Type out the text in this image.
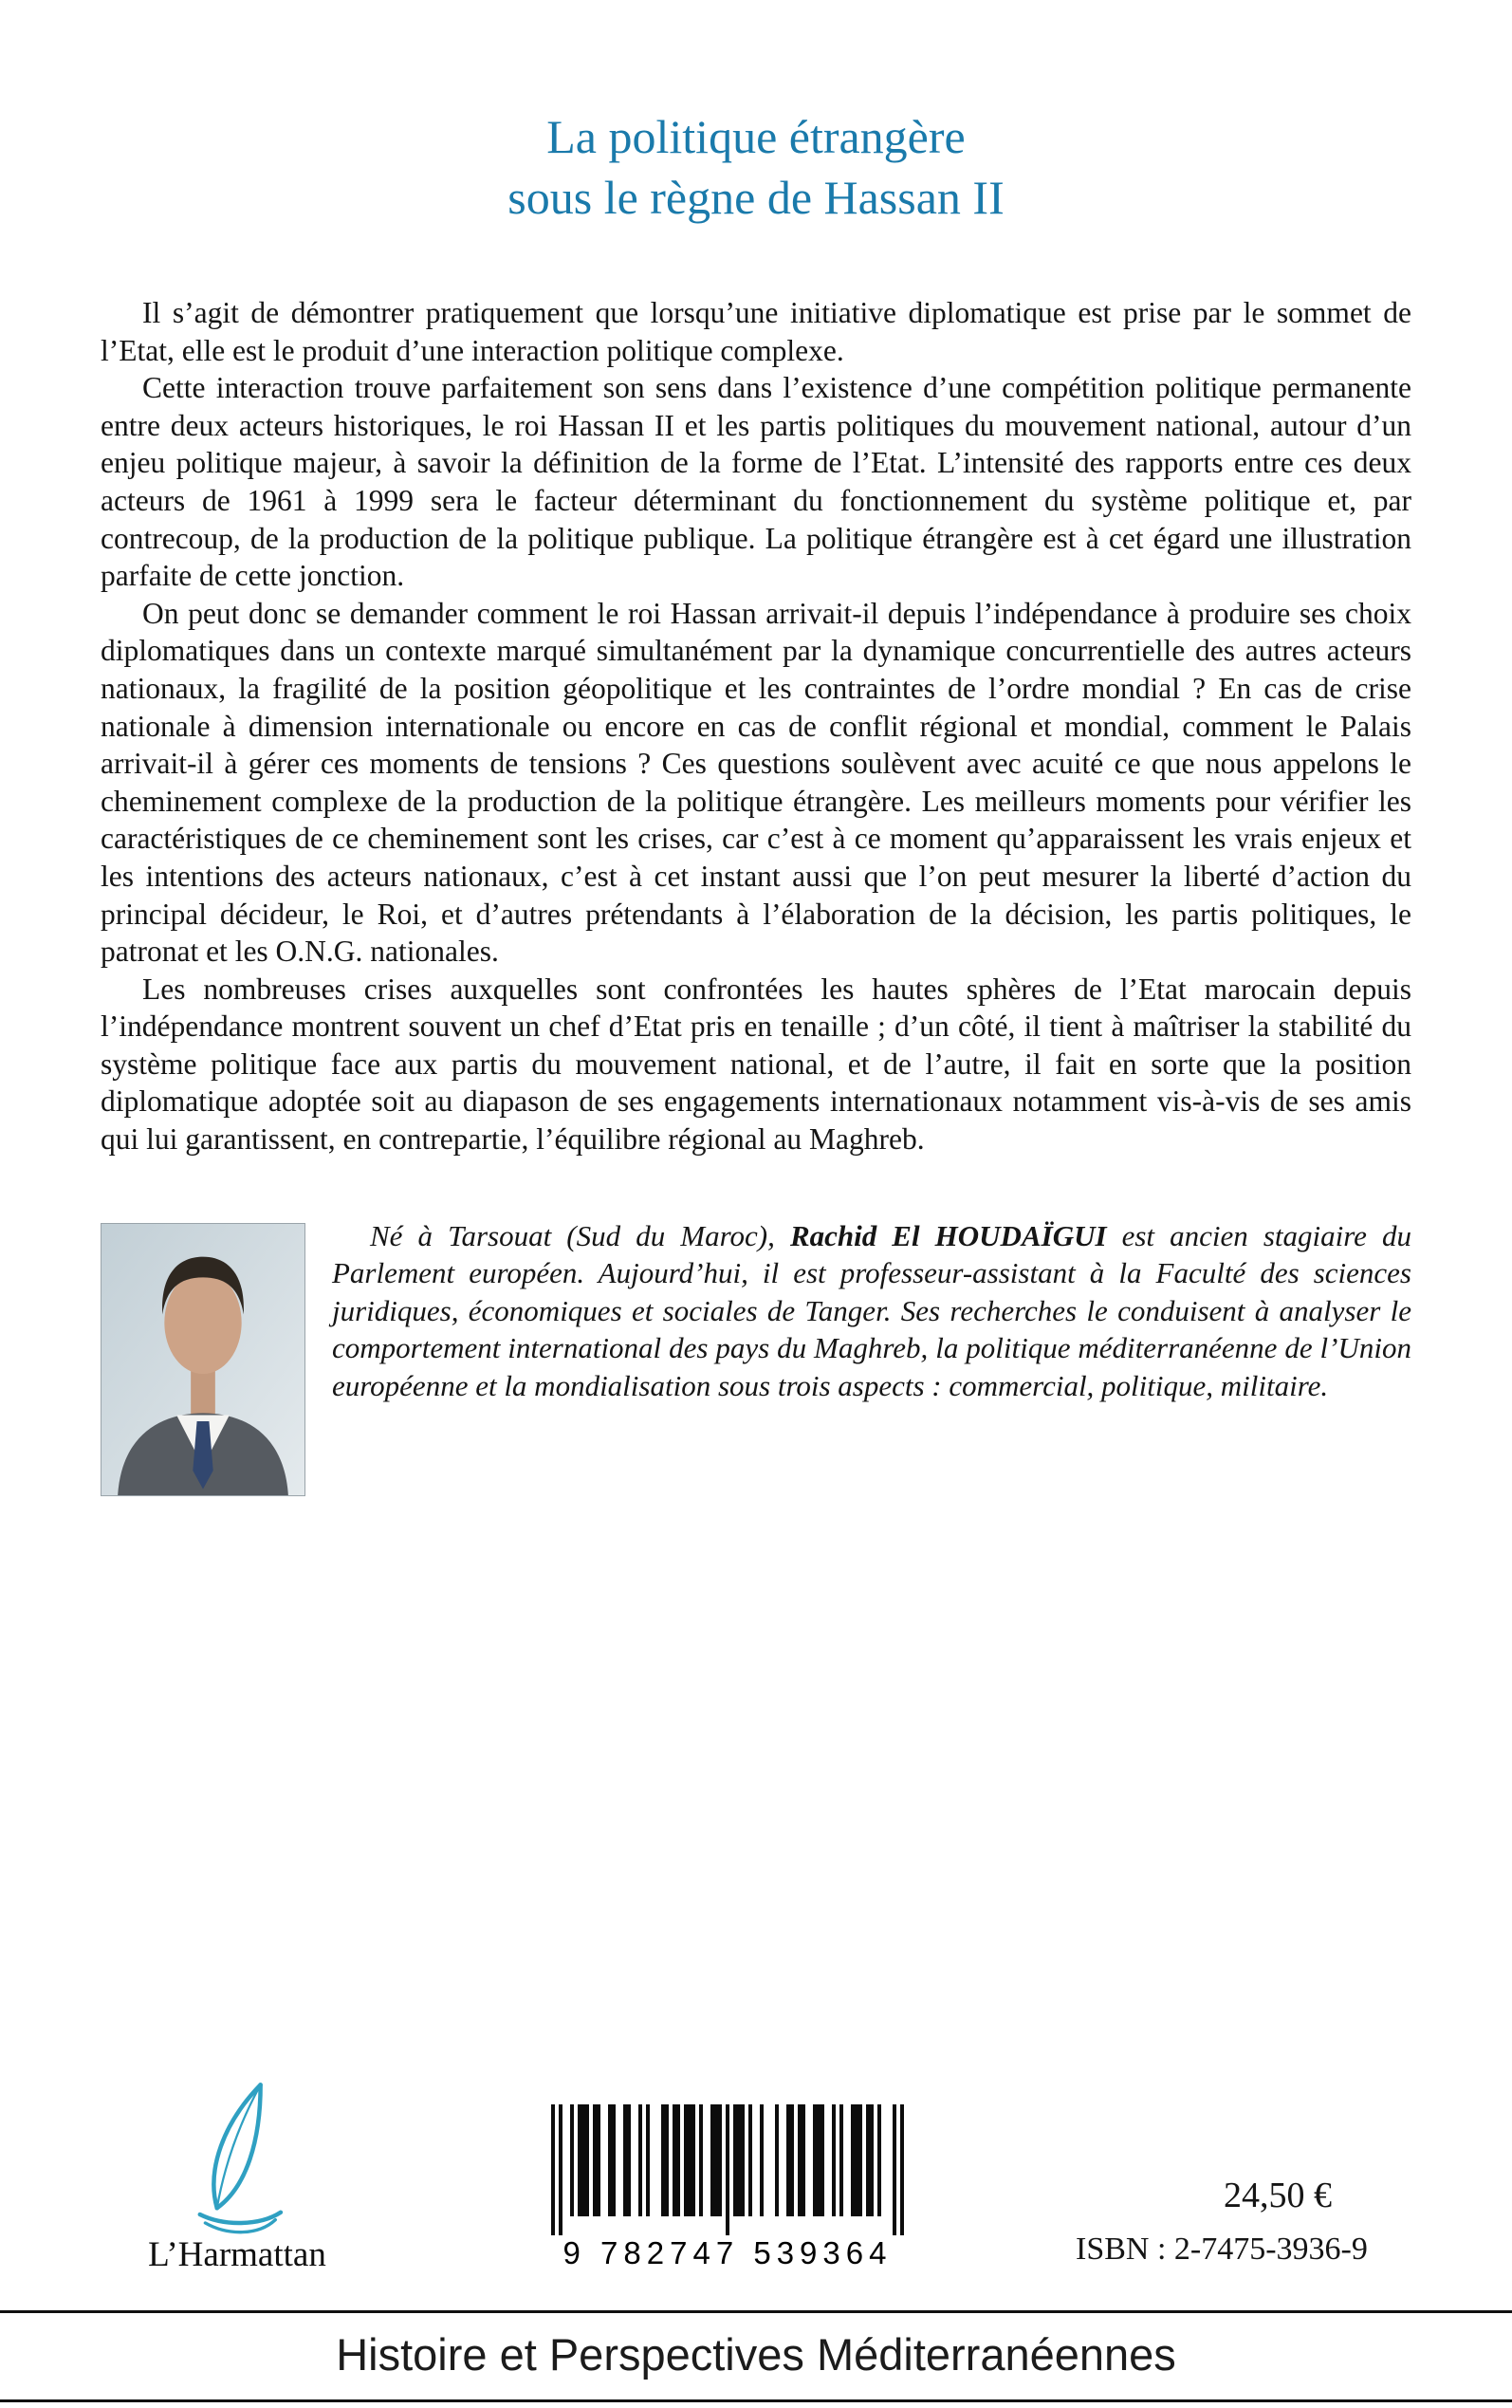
La politique étrangère
sous le règne de Hassan II

Il s’agit de démontrer pratiquement que lorsqu’une initiative diplomatique est prise par le sommet de l’Etat, elle est le produit d’une interaction politique complexe.

Cette interaction trouve parfaitement son sens dans l’existence d’une compétition politique permanente entre deux acteurs historiques, le roi Hassan II et les partis politiques du mouvement national, autour d’un enjeu politique majeur, à savoir la définition de la forme de l’Etat. L’intensité des rapports entre ces deux acteurs de 1961 à 1999 sera le facteur déterminant du fonctionnement du système politique et, par contrecoup, de la production de la politique publique. La politique étrangère est à cet égard une illustration parfaite de cette jonction.

On peut donc se demander comment le roi Hassan arrivait-il depuis l’indépendance à produire ses choix diplomatiques dans un contexte marqué simultanément par la dynamique concurrentielle des autres acteurs nationaux, la fragilité de la position géopolitique et les contraintes de l’ordre mondial ? En cas de crise nationale à dimension internationale ou encore en cas de conflit régional et mondial, comment le Palais arrivait-il à gérer ces moments de tensions ? Ces questions soulèvent avec acuité ce que nous appelons le cheminement complexe de la production de la politique étrangère. Les meilleurs moments pour vérifier les caractéristiques de ce cheminement sont les crises, car c’est à ce moment qu’apparaissent les vrais enjeux et les intentions des acteurs nationaux, c’est à cet instant aussi que l’on peut mesurer la liberté d’action du principal décideur, le Roi, et d’autres prétendants à l’élaboration de la décision, les partis politiques, le patronat et les O.N.G. nationales.

Les nombreuses crises auxquelles sont confrontées les hautes sphères de l’Etat marocain depuis l’indépendance montrent souvent un chef d’Etat pris en tenaille ; d’un côté, il tient à maîtriser la stabilité du système politique face aux partis du mouvement national, et de l’autre, il fait en sorte que la position diplomatique adoptée soit au diapason de ses engagements internationaux notamment vis-à-vis de ses amis qui lui garantissent, en contrepartie, l’équilibre régional au Maghreb.

Né à Tarsouat (Sud du Maroc), Rachid El HOUDAÏGUI est ancien stagiaire du Parlement européen. Aujourd’hui, il est professeur-assistant à la Faculté des sciences juridiques, économiques et sociales de Tanger. Ses recherches le conduisent à analyser le comportement international des pays du Maghreb, la politique méditerranéenne de l’Union européenne et la mondialisation sous trois aspects : commercial, politique, militaire.

L’Harmattan	9 782747 539364
24,50 €
ISBN : 2-7475-3936-9
Histoire et Perspectives Méditerranéennes
